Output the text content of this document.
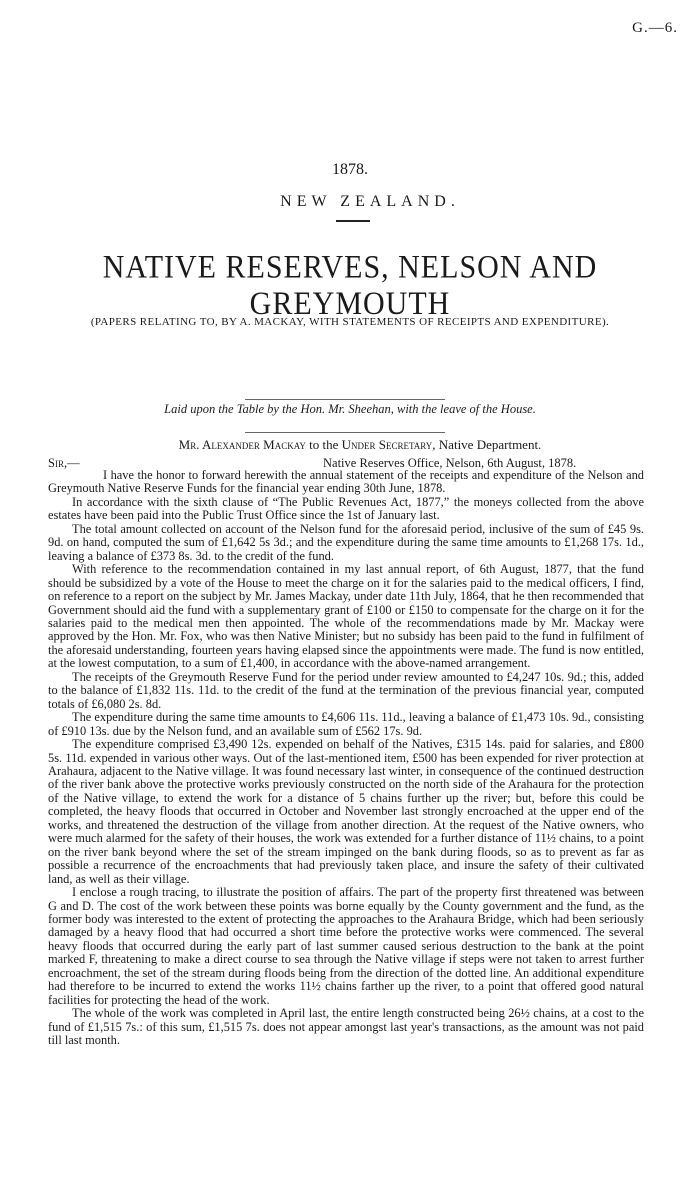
G.—6.
1878.
NEW ZEALAND.
NATIVE RESERVES, NELSON AND GREYMOUTH
(PAPERS RELATING TO, BY A. MACKAY, WITH STATEMENTS OF RECEIPTS AND EXPENDITURE).
Laid upon the Table by the Hon. Mr. Sheehan, with the leave of the House.
Mr. Alexander Mackay to the Under Secretary, Native Department.
Sir,—	Native Reserves Office, Nelson, 6th August, 1878.

I have the honor to forward herewith the annual statement of the receipts and expenditure of the Nelson and Greymouth Native Reserve Funds for the financial year ending 30th June, 1878.

In accordance with the sixth clause of “The Public Revenues Act, 1877,” the moneys collected from the above estates have been paid into the Public Trust Office since the 1st of January last.

The total amount collected on account of the Nelson fund for the aforesaid period, inclusive of the sum of £45 9s. 9d. on hand, computed the sum of £1,642 5s 3d.; and the expenditure during the same time amounts to £1,268 17s. 1d., leaving a balance of £373 8s. 3d. to the credit of the fund.

With reference to the recommendation contained in my last annual report, of 6th August, 1877, that the fund should be subsidized by a vote of the House to meet the charge on it for the salaries paid to the medical officers, I find, on reference to a report on the subject by Mr. James Mackay, under date 11th July, 1864, that he then recommended that Government should aid the fund with a supplementary grant of £100 or £150 to compensate for the charge on it for the salaries paid to the medical men then appointed. The whole of the recommendations made by Mr. Mackay were approved by the Hon. Mr. Fox, who was then Native Minister; but no subsidy has been paid to the fund in fulfilment of the aforesaid understanding, fourteen years having elapsed since the appointments were made. The fund is now entitled, at the lowest computation, to a sum of £1,400, in accordance with the above-named arrangement.

The receipts of the Greymouth Reserve Fund for the period under review amounted to £4,247 10s. 9d.; this, added to the balance of £1,832 11s. 11d. to the credit of the fund at the termination of the previous financial year, computed totals of £6,080 2s. 8d.

The expenditure during the same time amounts to £4,606 11s. 11d., leaving a balance of £1,473 10s. 9d., consisting of £910 13s. due by the Nelson fund, and an available sum of £562 17s. 9d.

The expenditure comprised £3,490 12s. expended on behalf of the Natives, £315 14s. paid for salaries, and £800 5s. 11d. expended in various other ways. Out of the last-mentioned item, £500 has been expended for river protection at Arahaura, adjacent to the Native village. It was found necessary last winter, in consequence of the continued destruction of the river bank above the protective works previously constructed on the north side of the Arahaura for the protection of the Native village, to extend the work for a distance of 5 chains further up the river; but, before this could be completed, the heavy floods that occurred in October and November last strongly encroached at the upper end of the works, and threatened the destruction of the village from another direction. At the request of the Native owners, who were much alarmed for the safety of their houses, the work was extended for a further distance of 11½ chains, to a point on the river bank beyond where the set of the stream impinged on the bank during floods, so as to prevent as far as possible a recurrence of the encroachments that had previously taken place, and insure the safety of their cultivated land, as well as their village.

I enclose a rough tracing, to illustrate the position of affairs. The part of the property first threatened was between G and D. The cost of the work between these points was borne equally by the County government and the fund, as the former body was interested to the extent of protecting the approaches to the Arahaura Bridge, which had been seriously damaged by a heavy flood that had occurred a short time before the protective works were commenced. The several heavy floods that occurred during the early part of last summer caused serious destruction to the bank at the point marked F, threatening to make a direct course to sea through the Native village if steps were not taken to arrest further encroachment, the set of the stream during floods being from the direction of the dotted line. An additional expenditure had therefore to be incurred to extend the works 11½ chains farther up the river, to a point that offered good natural facilities for protecting the head of the work.

The whole of the work was completed in April last, the entire length constructed being 26½ chains, at a cost to the fund of £1,515 7s.: of this sum, £1,515 7s. does not appear amongst last year's transactions, as the amount was not paid till last month.
